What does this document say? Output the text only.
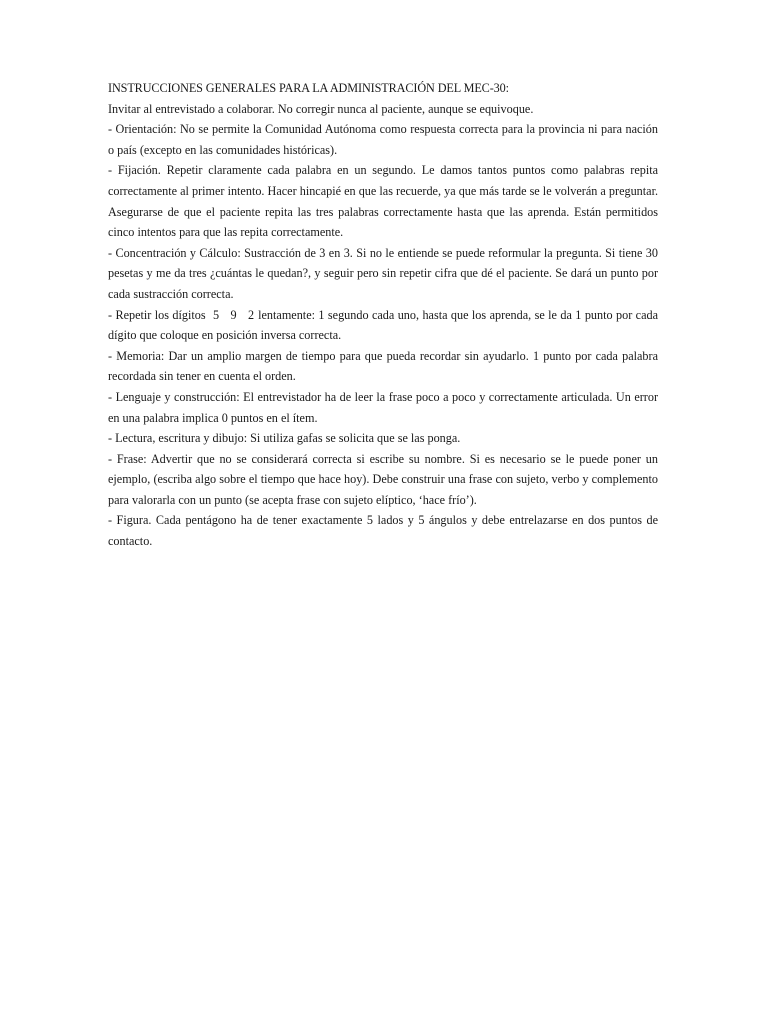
INSTRUCCIONES GENERALES PARA LA ADMINISTRACIÓN DEL MEC-30:

Invitar al entrevistado a colaborar. No corregir nunca al paciente, aunque se equivoque.

- Orientación: No se permite la Comunidad Autónoma como respuesta correcta para la provincia ni para nación o país (excepto en las comunidades históricas).

- Fijación. Repetir claramente cada palabra en un segundo. Le damos tantos puntos como palabras repita correctamente al primer intento. Hacer hincapié en que las recuerde, ya que más tarde se le volverán a preguntar. Asegurarse de que el paciente repita las tres palabras correctamente hasta que las aprenda. Están permitidos cinco intentos para que las repita correctamente.

- Concentración y Cálculo: Sustracción de 3 en 3. Si no le entiende se puede reformular la pregunta. Si tiene 30 pesetas y me da tres ¿cuántas le quedan?, y seguir pero sin repetir cifra que dé el paciente. Se dará un punto por cada sustracción correcta.

- Repetir los dígitos 5 9 2 lentamente: 1 segundo cada uno, hasta que los aprenda, se le da 1 punto por cada dígito que coloque en posición inversa correcta.

- Memoria: Dar un amplio margen de tiempo para que pueda recordar sin ayudarlo. 1 punto por cada palabra recordada sin tener en cuenta el orden.

- Lenguaje y construcción: El entrevistador ha de leer la frase poco a poco y correctamente articulada. Un error en una palabra implica 0 puntos en el ítem.

- Lectura, escritura y dibujo: Si utiliza gafas se solicita que se las ponga.

- Frase: Advertir que no se considerará correcta si escribe su nombre. Si es necesario se le puede poner un ejemplo, (escriba algo sobre el tiempo que hace hoy). Debe construir una frase con sujeto, verbo y complemento para valorarla con un punto (se acepta frase con sujeto elíptico, ‘hace frío’).

- Figura. Cada pentágono ha de tener exactamente 5 lados y 5 ángulos y debe entrelazarse en dos puntos de contacto.
